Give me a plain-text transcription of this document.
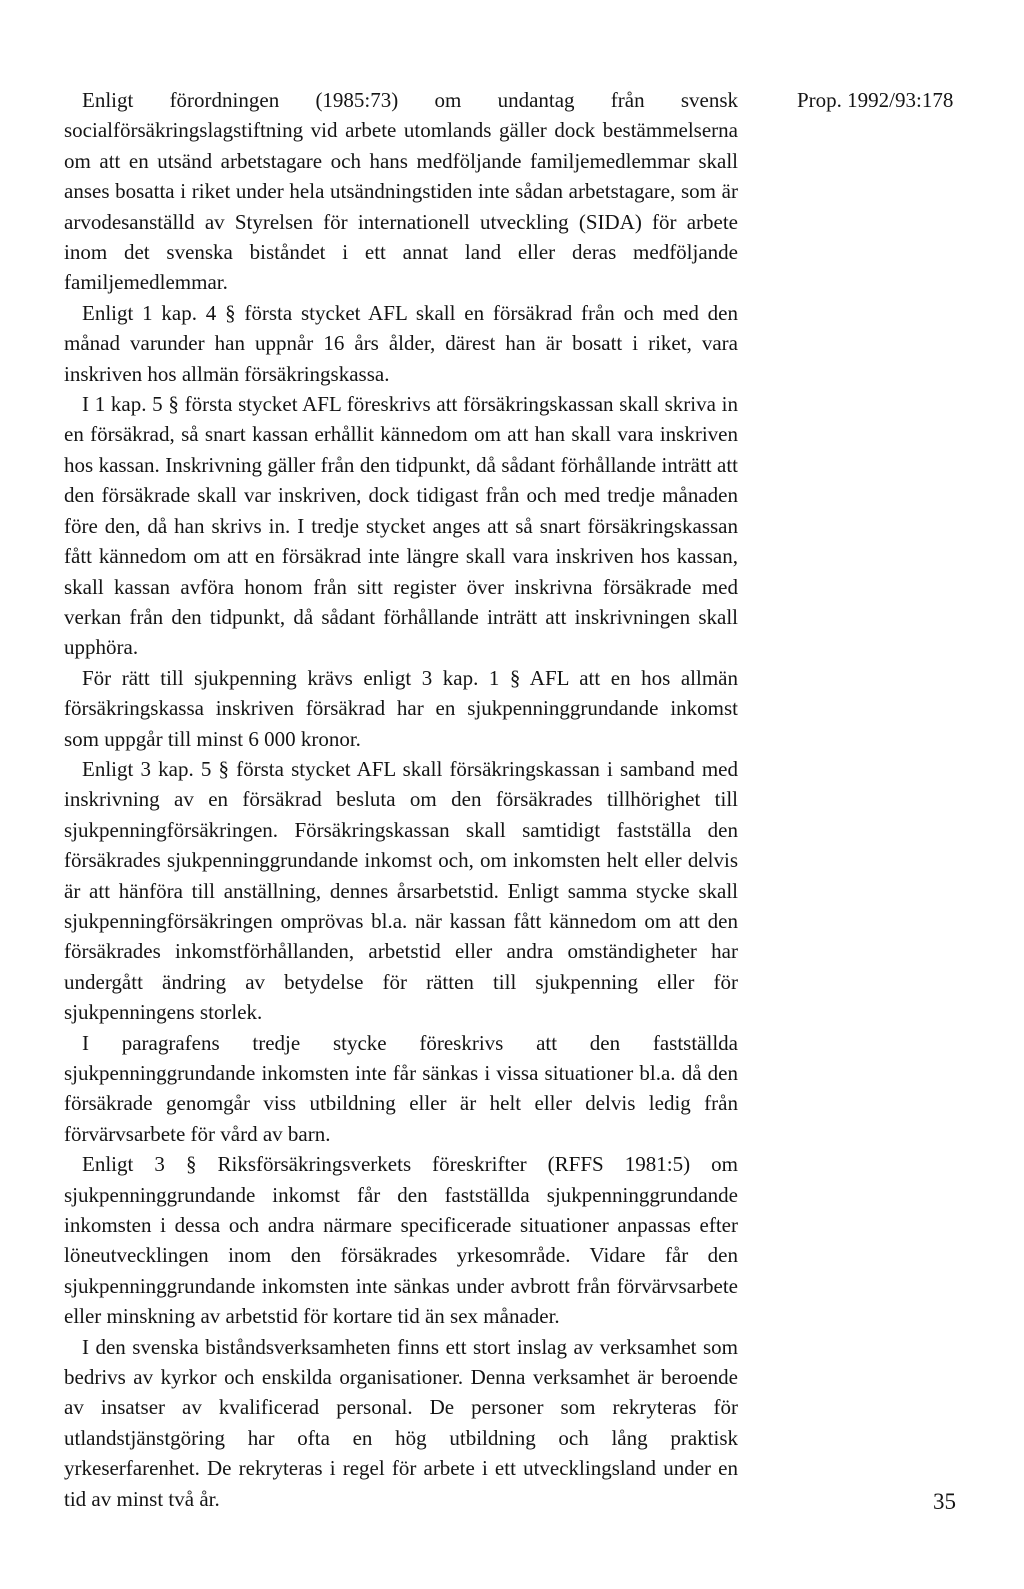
Prop. 1992/93:178

Enligt förordningen (1985:73) om undantag från svensk socialförsäkringslagstiftning vid arbete utomlands gäller dock bestämmelserna om att en utsänd arbetstagare och hans medföljande familjemedlemmar skall anses bosatta i riket under hela utsändningstiden inte sådan arbetstagare, som är arvodesanställd av Styrelsen för internationell utveckling (SIDA) för arbete inom det svenska biståndet i ett annat land eller deras medföljande familjemedlemmar.

Enligt 1 kap. 4 § första stycket AFL skall en försäkrad från och med den månad varunder han uppnår 16 års ålder, därest han är bosatt i riket, vara inskriven hos allmän försäkringskassa.

I 1 kap. 5 § första stycket AFL föreskrivs att försäkringskassan skall skriva in en försäkrad, så snart kassan erhållit kännedom om att han skall vara inskriven hos kassan. Inskrivning gäller från den tidpunkt, då sådant förhållande inträtt att den försäkrade skall var inskriven, dock tidigast från och med tredje månaden före den, då han skrivs in. I tredje stycket anges att så snart försäkringskassan fått kännedom om att en försäkrad inte längre skall vara inskriven hos kassan, skall kassan avföra honom från sitt register över inskrivna försäkrade med verkan från den tidpunkt, då sådant förhållande inträtt att inskrivningen skall upphöra.

För rätt till sjukpenning krävs enligt 3 kap. 1 § AFL att en hos allmän försäkringskassa inskriven försäkrad har en sjukpenninggrundande inkomst som uppgår till minst 6 000 kronor.

Enligt 3 kap. 5 § första stycket AFL skall försäkringskassan i samband med inskrivning av en försäkrad besluta om den försäkrades tillhörighet till sjukpenningförsäkringen. Försäkringskassan skall samtidigt fastställa den försäkrades sjukpenninggrundande inkomst och, om inkomsten helt eller delvis är att hänföra till anställning, dennes årsarbetstid. Enligt samma stycke skall sjukpenningförsäkringen omprövas bl.a. när kassan fått kännedom om att den försäkrades inkomstförhållanden, arbetstid eller andra omständigheter har undergått ändring av betydelse för rätten till sjukpenning eller för sjukpenningens storlek.

I paragrafens tredje stycke föreskrivs att den fastställda sjukpenninggrundande inkomsten inte får sänkas i vissa situationer bl.a. då den försäkrade genomgår viss utbildning eller är helt eller delvis ledig från förvärvsarbete för vård av barn.

Enligt 3 § Riksförsäkringsverkets föreskrifter (RFFS 1981:5) om sjukpenninggrundande inkomst får den fastställda sjukpenninggrundande inkomsten i dessa och andra närmare specificerade situationer anpassas efter löneutvecklingen inom den försäkrades yrkesområde. Vidare får den sjukpenninggrundande inkomsten inte sänkas under avbrott från förvärvsarbete eller minskning av arbetstid för kortare tid än sex månader.

I den svenska biståndsverksamheten finns ett stort inslag av verksamhet som bedrivs av kyrkor och enskilda organisationer. Denna verksamhet är beroende av insatser av kvalificerad personal. De personer som rekryteras för utlandstjänstgöring har ofta en hög utbildning och lång praktisk yrkeserfarenhet. De rekryteras i regel för arbete i ett utvecklingsland under en tid av minst två år.	35
